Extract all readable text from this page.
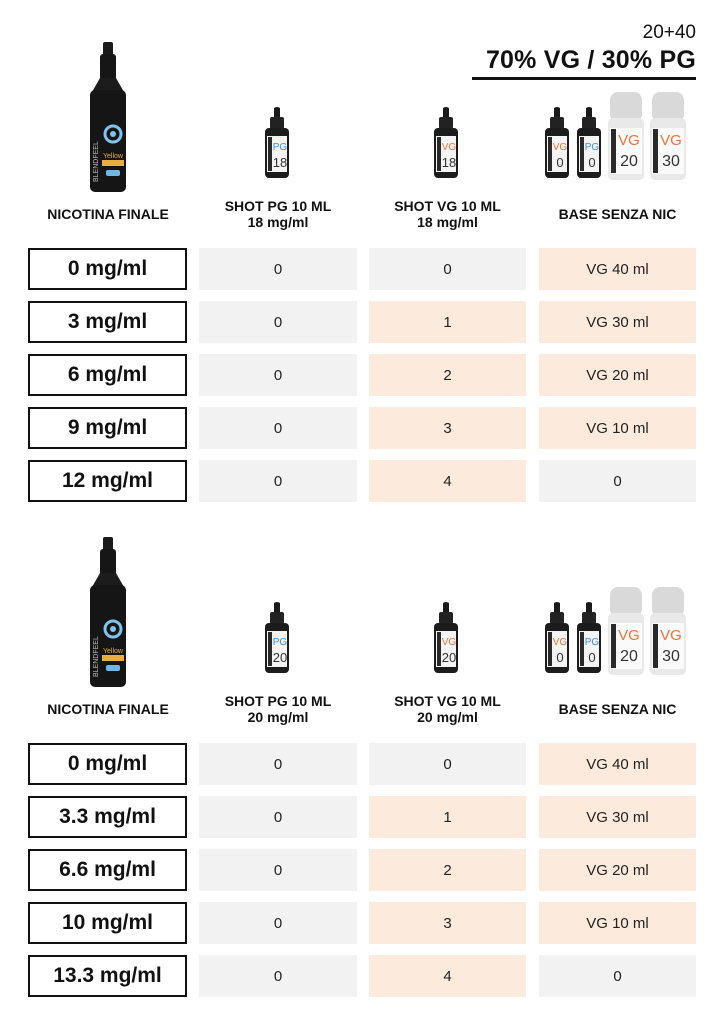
20+40
70% VG / 30% PG
BLENDFEEL Yellow
PG
18
VG
18
VG
0
PG
0
VG
20
VG
30
NICOTINA FINALE	SHOT PG 10 ML
18 mg/ml
SHOT VG 10 ML
18 mg/ml	BASE SENZA NIC
0 mg/ml	0	0	VG 40 ml
3 mg/ml	0	1	VG 30 ml
6 mg/ml	0	2	VG 20 ml
9 mg/ml	0	3	VG 10 ml
12 mg/ml	0	4	0
BLENDFEEL Yellow
PG
20
VG
20
VG
0
PG
0
VG
20
VG
30
NICOTINA FINALE	SHOT PG 10 ML
20 mg/ml
SHOT VG 10 ML
20 mg/ml	BASE SENZA NIC
0 mg/ml	0	0	VG 40 ml
3.3 mg/ml	0	1	VG 30 ml
6.6 mg/ml	0	2	VG 20 ml
10 mg/ml	0	3	VG 10 ml
13.3 mg/ml	0	4	0
